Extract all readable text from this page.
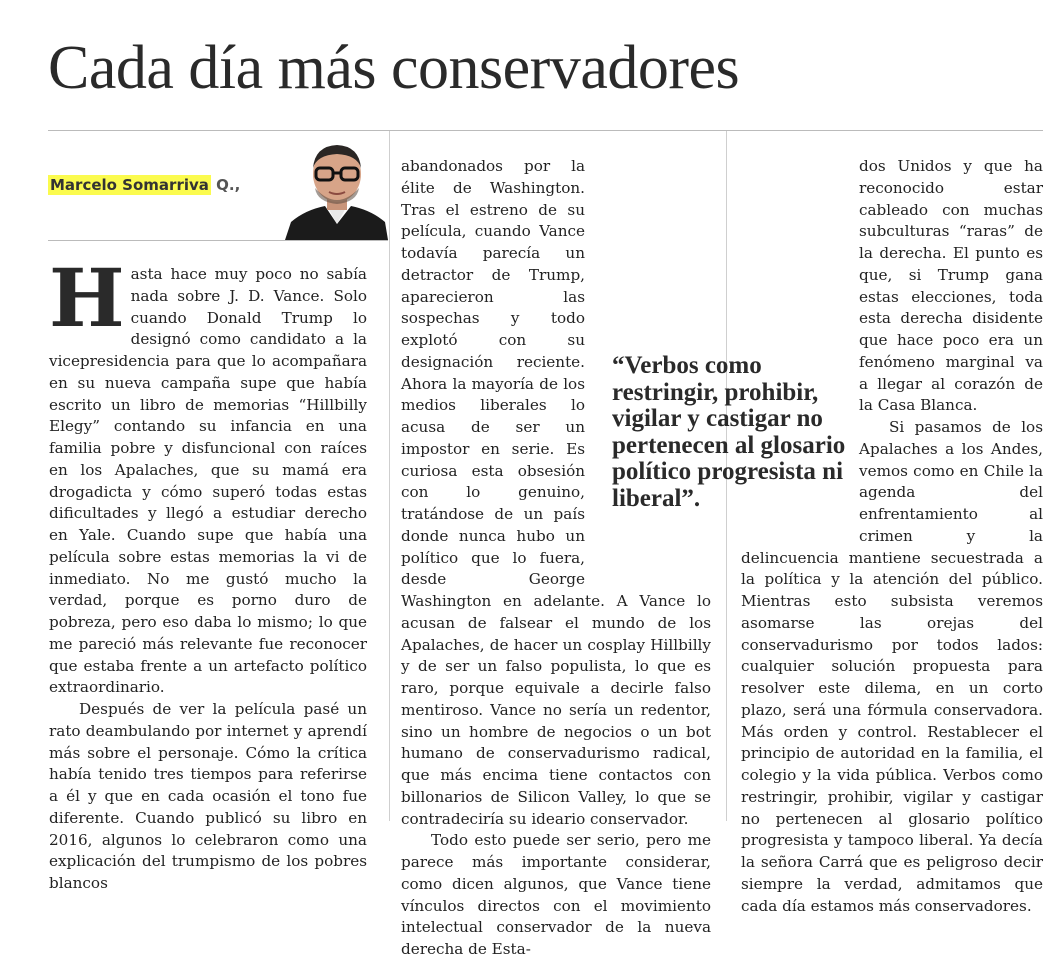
Cada día más conservadores
Marcelo Somarriva Q.,
H asta hace muy poco no sabía nada sobre J. D. Vance. Solo cuando Donald Trump lo designó como candidato a la vicepresidencia para que lo acompañara en su nueva campaña supe que había escrito un libro de memorias “Hillbilly Elegy” contando su infancia en una familia pobre y disfuncional con raíces en los Apalaches, que su mamá era drogadicta y cómo superó todas estas dificultades y llegó a estudiar derecho en Yale. Cuando supe que había una película sobre estas memorias la vi de inmediato. No me gustó mucho la verdad, porque es porno duro de pobreza, pero eso daba lo mismo; lo que me pareció más relevante fue reconocer que estaba frente a un artefacto político extraordinario.

Después de ver la película pasé un rato deambulando por internet y aprendí más sobre el personaje. Cómo la crítica había tenido tres tiempos para referirse a él y que en cada ocasión el tono fue diferente. Cuando publicó su libro en 2016, algunos lo celebraron como una explicación del trumpismo de los pobres blancos

abandonados por la élite de Washington. Tras el estreno de su película, cuando Vance todavía parecía un detractor de Trump, aparecieron las sospechas y todo explotó con su designación reciente. Ahora la mayoría de los medios liberales lo acusa de ser un impostor en serie. Es curiosa esta obsesión con lo genuino, tratándose de un país donde nunca hubo un político que lo fuera, desde George Washington en adelante. A Vance lo acusan de falsear el mundo de los Apalaches, de hacer un cosplay Hillbilly y de ser un falso populista, lo que es raro, porque equivale a decirle falso mentiroso. Vance no sería un redentor, sino un hombre de negocios o un bot humano de conservadurismo radical, que más encima tiene contactos con billonarios de Silicon Valley, lo que se contradeciría su ideario conservador.

Todo esto puede ser serio, pero me parece más importante considerar, como dicen algunos, que Vance tiene vínculos directos con el movimiento intelectual conservador de la nueva derecha de Esta-

dos Unidos y que ha reconocido estar cableado con muchas subculturas “raras” de la derecha. El punto es que, si Trump gana estas elecciones, toda esta derecha disidente que hace poco era un fenómeno marginal va a llegar al corazón de la Casa Blanca.

Si pasamos de los Apalaches a los Andes, vemos como en Chile la agenda del enfrentamiento al crimen y la delincuencia mantiene secuestrada a la política y la atención del público. Mientras esto subsista veremos asomarse las orejas del conservadurismo por todos lados: cualquier solución propuesta para resolver este dilema, en un corto plazo, será una fórmula conservadora. Más orden y control. Restablecer el principio de autoridad en la familia, el colegio y la vida pública. Verbos como restringir, prohibir, vigilar y castigar no pertenecen al glosario político progresista y tampoco liberal. Ya decía la señora Carrá que es peligroso decir siempre la verdad, admitamos que cada día estamos más conservadores.

“Verbos como restringir, prohibir, vigilar y castigar no pertenecen al glosario político progresista ni liberal”.
